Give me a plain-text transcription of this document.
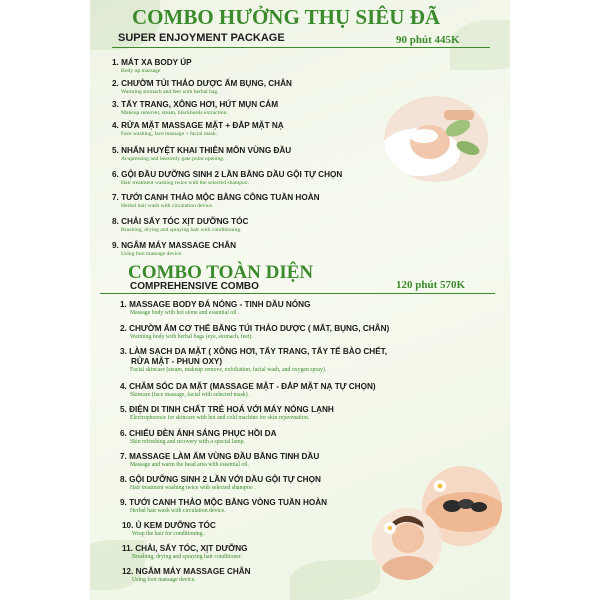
COMBO HƯỞNG THỤ SIÊU ĐÃ
SUPER ENJOYMENT PACKAGE	90 phút 445K
1. MÁT XA BODY ÚP
Body up massage
2. CHƯỜM TÚI THẢO DƯỢC ẤM BỤNG, CHÂN
Warming stomach and feet with herbal bag.
3. TẨY TRANG, XÔNG HƠI, HÚT MỤN CÁM
Makeup remover, steam, blackheads extraction.
4. RỬA MẶT MASSAGE MẶT + ĐẮP MẶT NẠ
Face washing, face massage + facial mask.
5. NHẤN HUYỆT KHAI THIÊN MÔN VÙNG ĐẦU
Acupressing and heavenly gate point opening.
6. GỘI ĐẦU DƯỠNG SINH 2 LẦN BẰNG DẦU GỘI TỰ CHỌN
Hair treatment washing twice with the selected shampoo.
7. TƯỚI CANH THẢO MỘC BẰNG CÔNG TUẦN HOÀN
Herbal hair wash with circulation device.
8. CHẢI SẤY TÓC XỊT DƯỠNG TÓC
Brushing, drying and spraying hair with conditioning.
9. NGÂM MÁY MASSAGE CHÂN
Using foot massage device.
COMBO TOÀN DIỆN
COMPREHENSIVE COMBO	120 phút 570K
1. MASSAGE BODY ĐÁ NÓNG - TINH DẦU NÓNG
Massage body with hot stone and essential oil .
2. CHƯỜM ẤM CƠ THỂ BẰNG TÚI THẢO DƯỢC ( MẮT, BỤNG, CHÂN)
Warming body with herbal bags (eye, stomach, feet).
3. LÀM SẠCH DA MẶT ( XÔNG HƠI, TẨY TRANG, TẨY TẾ BÀO CHẾT,
RỬA MẶT - PHUN OXY)
Facial skincare (steam, makeup remove, exfoliation, facial wash, and oxygen spray).
4. CHĂM SÓC DA MẶT (MASSAGE MẶT - ĐẮP MẶT NẠ TỰ CHỌN)
Skincare (face massage, facial with selected mask) .
5. ĐIỆN DI TINH CHẤT TRẺ HOÁ VỚI MÁY NÓNG LẠNH
Electrophoresis for skincare with hot and cold machine for skin rejuvenation.
6. CHIẾU ĐÈN ÁNH SÁNG PHỤC HỒI DA
Skin refreshing and recovery with a special lamp.
7. MASSAGE LÀM ẤM VÙNG ĐẦU BẰNG TINH DẦU
Massage and warm the head area with essential oil.
8. GỘI DƯỠNG SINH 2 LẦN VỚI DẦU GỘI TỰ CHỌN
Hair treatment washing twice with selected shampoo .
9. TƯỚI CANH THẢO MỘC BẰNG VÒNG TUẦN HOÀN
Herbal hair wash with circulation device.
10. Ủ KEM DƯỠNG TÓC
Wrap the hair for conditioning .
11. CHẢI, SẤY TÓC, XỊT DƯỠNG
Brushing, drying and spraying hair conditioner.
12. NGÂM MÁY MASSAGE CHÂN
Using foot massage device.
